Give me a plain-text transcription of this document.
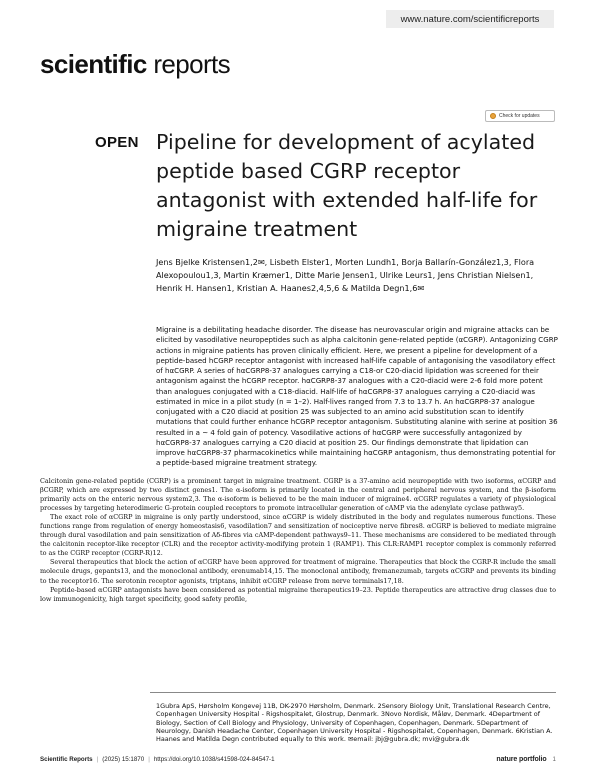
www.nature.com/scientificreports
scientific reports
Check for updates
OPEN Pipeline for development of acylated peptide based CGRP receptor antagonist with extended half-life for migraine treatment
Jens Bjelke Kristensen1,2✉, Lisbeth Elster1, Morten Lundh1, Borja Ballarín-González1,3, Flora Alexopoulou1,3, Martin Kræmer1, Ditte Marie Jensen1, Ulrike Leurs1, Jens Christian Nielsen1, Henrik H. Hansen1, Kristian A. Haanes2,4,5,6 & Matilda Degn1,6✉
Migraine is a debilitating headache disorder. The disease has neurovascular origin and migraine attacks can be elicited by vasodilative neuropeptides such as alpha calcitonin gene-related peptide (αCGRP). Antagonizing CGRP actions in migraine patients has proven clinically efficient. Here, we present a pipeline for development of a peptide-based hCGRP receptor antagonist with increased half-life capable of antagonising the vasodilatory effect of hαCGRP. A series of hαCGRP8-37 analogues carrying a C18-or C20-diacid lipidation was screened for their antagonism against the hCGRP receptor. hαCGRP8-37 analogues with a C20-diacid were 2-6 fold more potent than analogues conjugated with a C18-diacid. Half-life of hαCGRP8-37 analogues carrying a C20-diacid was estimated in mice in a pilot study (n = 1–2). Half-lives ranged from 7.3 to 13.7 h. An hαCGRP8-37 analogue conjugated with a C20 diacid at position 25 was subjected to an amino acid substitution scan to identify mutations that could further enhance hCGRP receptor antagonism. Substituting alanine with serine at position 36 resulted in a ~ 4 fold gain of potency. Vasodilative actions of hαCGRP were successfully antagonized by hαCGRP8-37 analogues carrying a C20 diacid at position 25. Our findings demonstrate that lipidation can improve hαCGRP8-37 pharmacokinetics while maintaining hαCGRP antagonism, thus demonstrating potential for a peptide-based migraine treatment strategy.

Calcitonin gene-related peptide (CGRP) is a prominent target in migraine treatment. CGRP is a 37-amino acid neuropeptide with two isoforms, αCGRP and βCGRP, which are expressed by two distinct genes1. The α-isoform is primarily located in the central and peripheral nervous system, and the β-isoform primarily acts on the enteric nervous system2,3. The α-isoform is believed to be the main inducer of migraine4. αCGRP regulates a variety of physiological processes by targeting heterodimeric G-protein coupled receptors to promote intracellular generation of cAMP via the adenylate cyclase pathway5.

The exact role of αCGRP in migraine is only partly understood, since αCGRP is widely distributed in the body and regulates numerous functions. These functions range from regulation of energy homeostasis6, vasodilation7 and sensitization of nociceptive nerve fibres8. αCGRP is believed to mediate migraine through dural vasodilation and pain sensitization of Aδ-fibres via cAMP-dependent pathways9–11. These mechanisms are considered to be mediated through the calcitonin receptor-like receptor (CLR) and the receptor activity-modifying protein 1 (RAMP1). This CLR:RAMP1 receptor complex is commonly referred to as the CGRP receptor (CGRP-R)12.

Several therapeutics that block the action of αCGRP have been approved for treatment of migraine. Therapeutics that block the CGRP-R include the small molecule drugs, gepants13, and the monoclonal antibody, erenumab14,15. The monoclonal antibody, fremanezumab, targets αCGRP and prevents its binding to the receptor16. The serotonin receptor agonists, triptans, inhibit αCGRP release from nerve terminals17,18.

Peptide-based αCGRP antagonists have been considered as potential migraine therapeutics19–23. Peptide therapeutics are attractive drug classes due to low immunogenicity, high target specificity, good safety profile,

1Gubra ApS, Hørsholm Kongevej 11B, DK-2970 Hørsholm, Denmark. 2Sensory Biology Unit, Translational Research Centre, Copenhagen University Hospital - Rigshospitalet, Glostrup, Denmark. 3Novo Nordisk, Måløv, Denmark. 4Department of Biology, Section of Cell Biology and Physiology, University of Copenhagen, Copenhagen, Denmark. 5Department of Neurology, Danish Headache Center, Copenhagen University Hospital - Rigshospitalet, Copenhagen, Denmark. 6Kristian A. Haanes and Matilda Degn contributed equally to this work. ✉email: jbj@gubra.dk; mvi@gubra.dk
Scientific Reports | (2025) 15:1870 | https://doi.org/10.1038/s41598-024-84547-1	nature portfolio 1
